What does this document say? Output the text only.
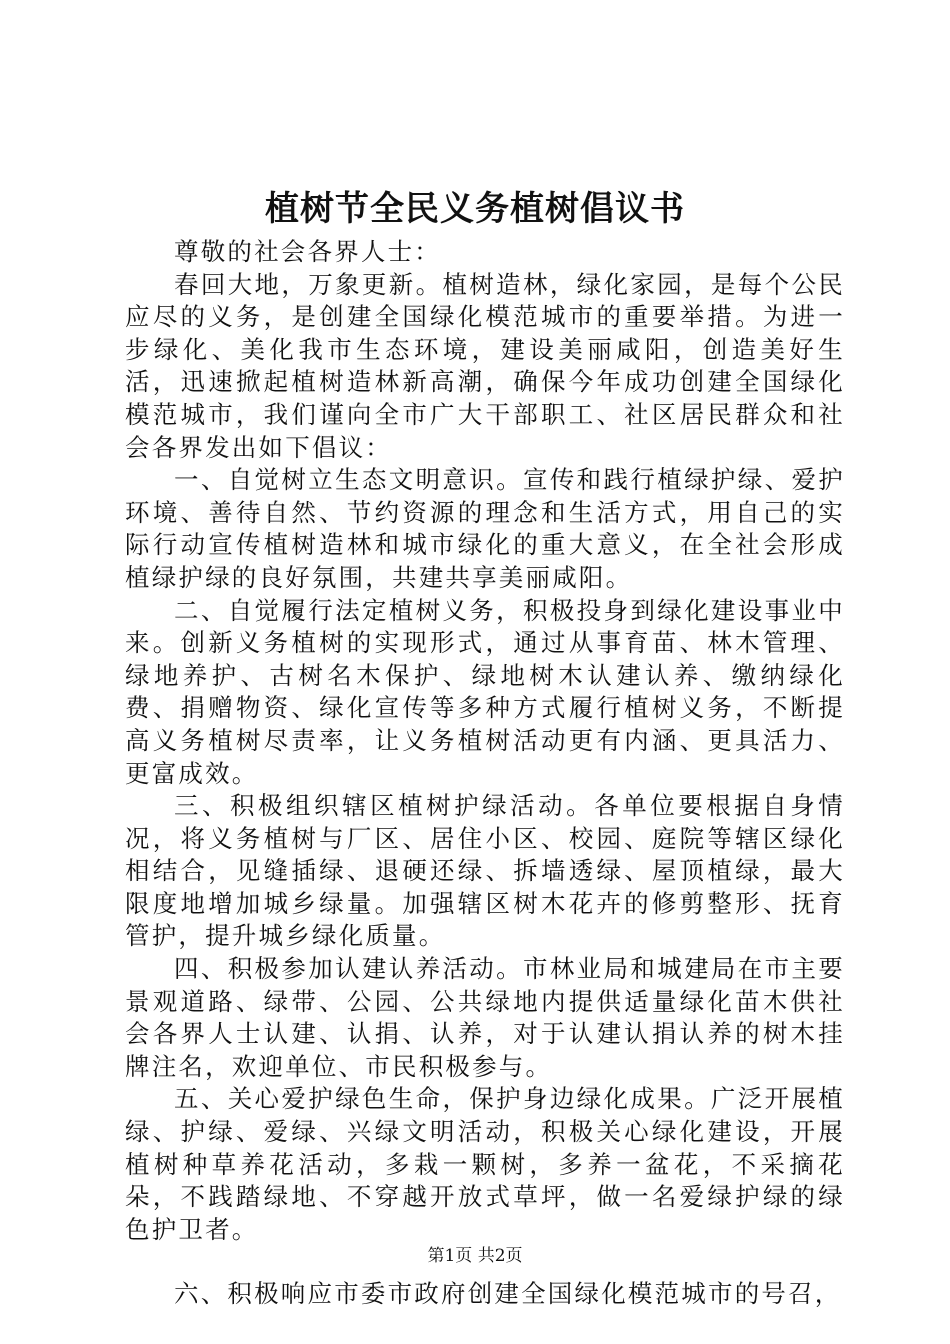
植树节全民义务植树倡议书

尊敬的社会各界人士：

春回大地，万象更新。植树造林，绿化家园，是每个公民应尽的义务，是创建全国绿化模范城市的重要举措。为进一步绿化、美化我市生态环境，建设美丽咸阳，创造美好生活，迅速掀起植树造林新高潮，确保今年成功创建全国绿化模范城市，我们谨向全市广大干部职工、社区居民群众和社会各界发出如下倡议：

一、自觉树立生态文明意识。宣传和践行植绿护绿、爱护环境、善待自然、节约资源的理念和生活方式，用自己的实际行动宣传植树造林和城市绿化的重大意义，在全社会形成植绿护绿的良好氛围，共建共享美丽咸阳。

二、自觉履行法定植树义务，积极投身到绿化建设事业中来。创新义务植树的实现形式，通过从事育苗、林木管理、绿地养护、古树名木保护、绿地树木认建认养、缴纳绿化费、捐赠物资、绿化宣传等多种方式履行植树义务，不断提高义务植树尽责率，让义务植树活动更有内涵、更具活力、更富成效。

三、积极组织辖区植树护绿活动。各单位要根据自身情况，将义务植树与厂区、居住小区、校园、庭院等辖区绿化相结合，见缝插绿、退硬还绿、拆墙透绿、屋顶植绿，最大限度地增加城乡绿量。加强辖区树木花卉的修剪整形、抚育管护，提升城乡绿化质量。

四、积极参加认建认养活动。市林业局和城建局在市主要景观道路、绿带、公园、公共绿地内提供适量绿化苗木供社会各界人士认建、认捐、认养，对于认建认捐认养的树木挂牌注名，欢迎单位、市民积极参与。

五、关心爱护绿色生命，保护身边绿化成果。广泛开展植绿、护绿、爱绿、兴绿文明活动，积极关心绿化建设，开展植树种草养花活动，多栽一颗树，多养一盆花，不采摘花朵，不践踏绿地、不穿越开放式草坪，做一名爱绿护绿的绿色护卫者。

六、积极响应市委市政府创建全国绿化模范城市的号召，

第1页 共2页
